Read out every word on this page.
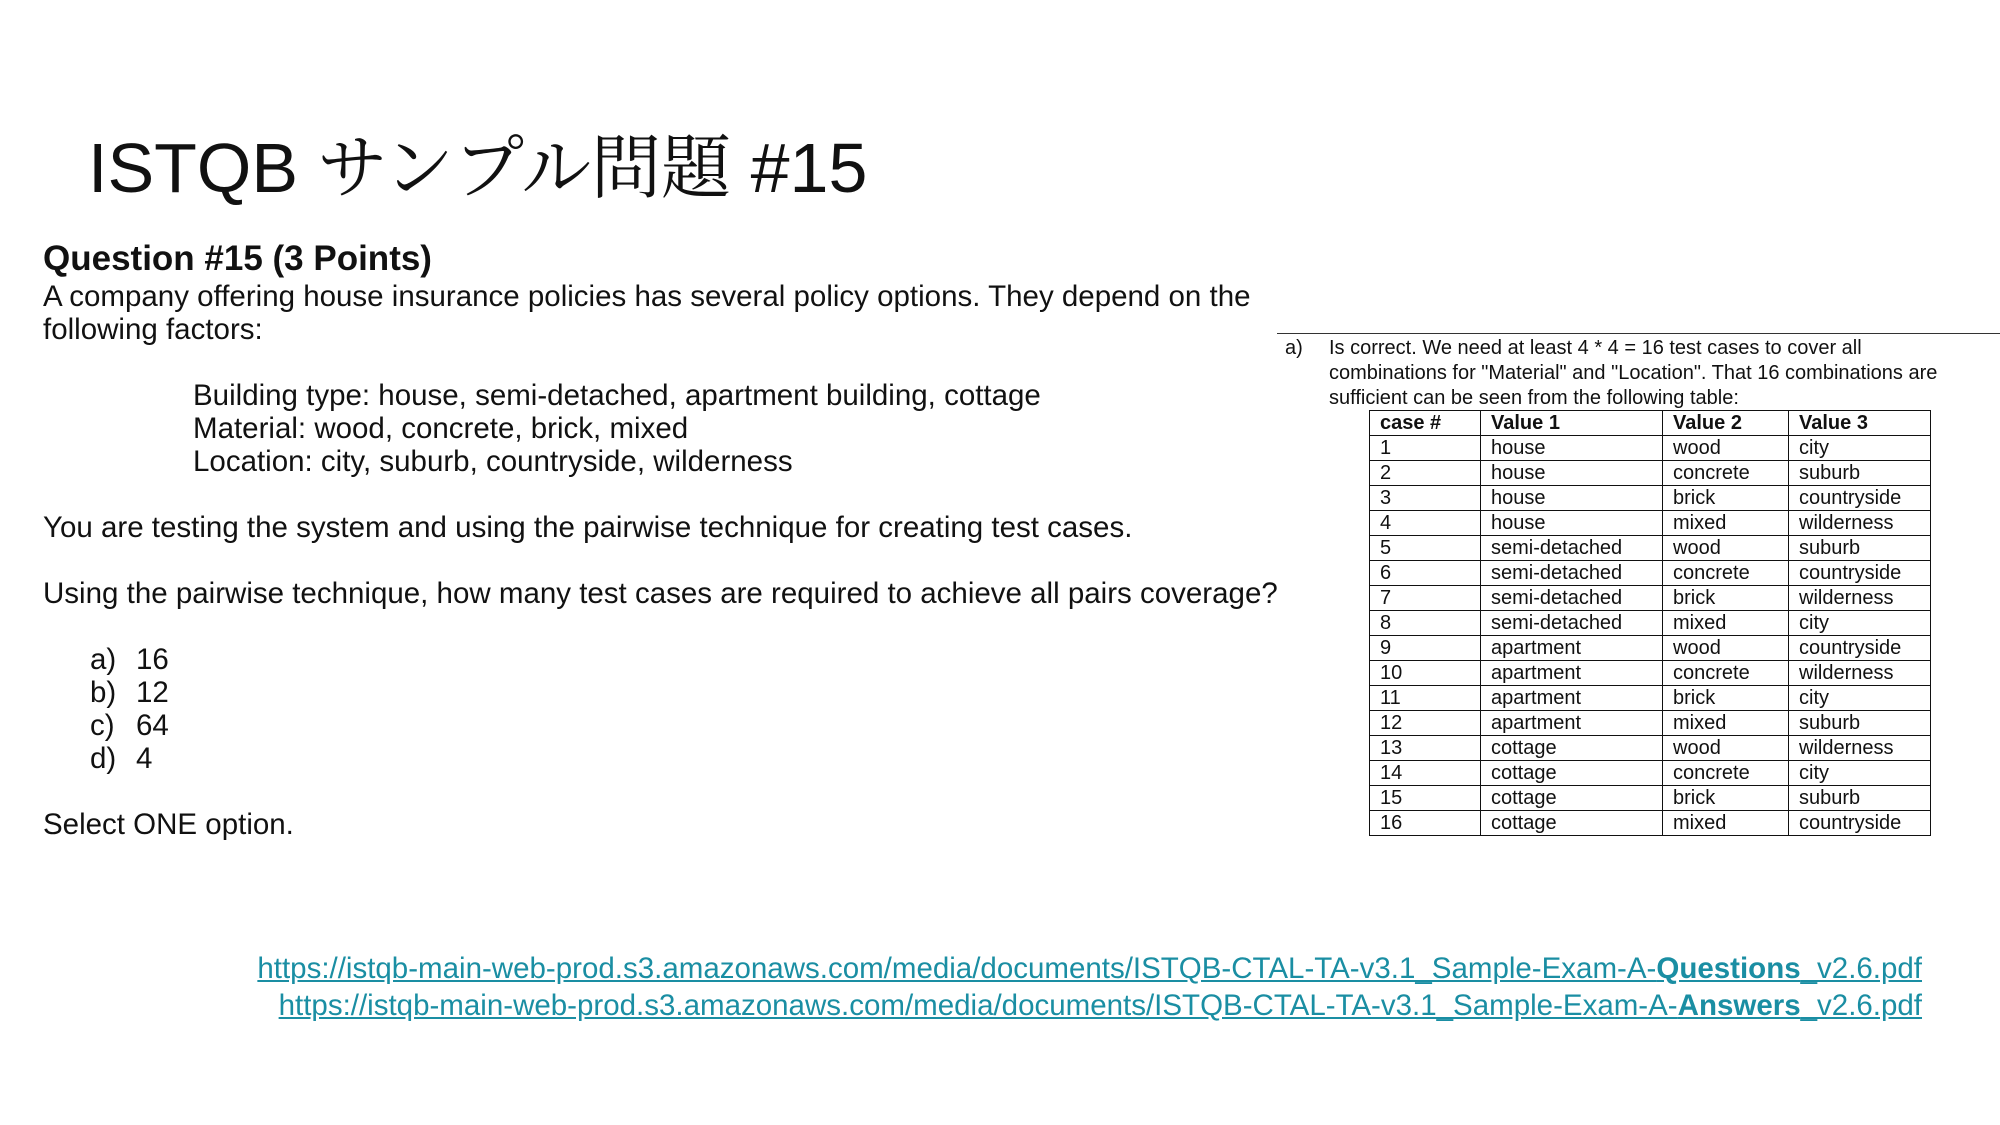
ISTQB サンプル問題 #15
Question #15 (3 Points)
A company offering house insurance policies has several policy options. They depend on the
following factors:
Building type: house, semi-detached, apartment building, cottage
Material: wood, concrete, brick, mixed
Location: city, suburb, countryside, wilderness
You are testing the system and using the pairwise technique for creating test cases.
Using the pairwise technique, how many test cases are required to achieve all pairs coverage?
a) 16
b) 12
c) 64
d) 4
Select ONE option.
a) Is correct. We need at least 4 * 4 = 16 test cases to cover all
combinations for "Material" and "Location". That 16 combinations are
sufficient can be seen from the following table:
case #	Value 1	Value 2	Value 3
1	house	wood	city
2	house	concrete	suburb
3	house	brick	countryside
4	house	mixed	wilderness
5	semi-detached	wood	suburb
6	semi-detached	concrete	countryside
7	semi-detached	brick	wilderness
8	semi-detached	mixed	city
9	apartment	wood	countryside
10	apartment	concrete	wilderness
11	apartment	brick	city
12	apartment	mixed	suburb
13	cottage	wood	wilderness
14	cottage	concrete	city
15	cottage	brick	suburb
16	cottage	mixed	countryside
https://istqb-main-web-prod.s3.amazonaws.com/media/documents/ISTQB-CTAL-TA-v3.1_Sample-Exam-A-Questions_v2.6.pdf
https://istqb-main-web-prod.s3.amazonaws.com/media/documents/ISTQB-CTAL-TA-v3.1_Sample-Exam-A-Answers_v2.6.pdf
